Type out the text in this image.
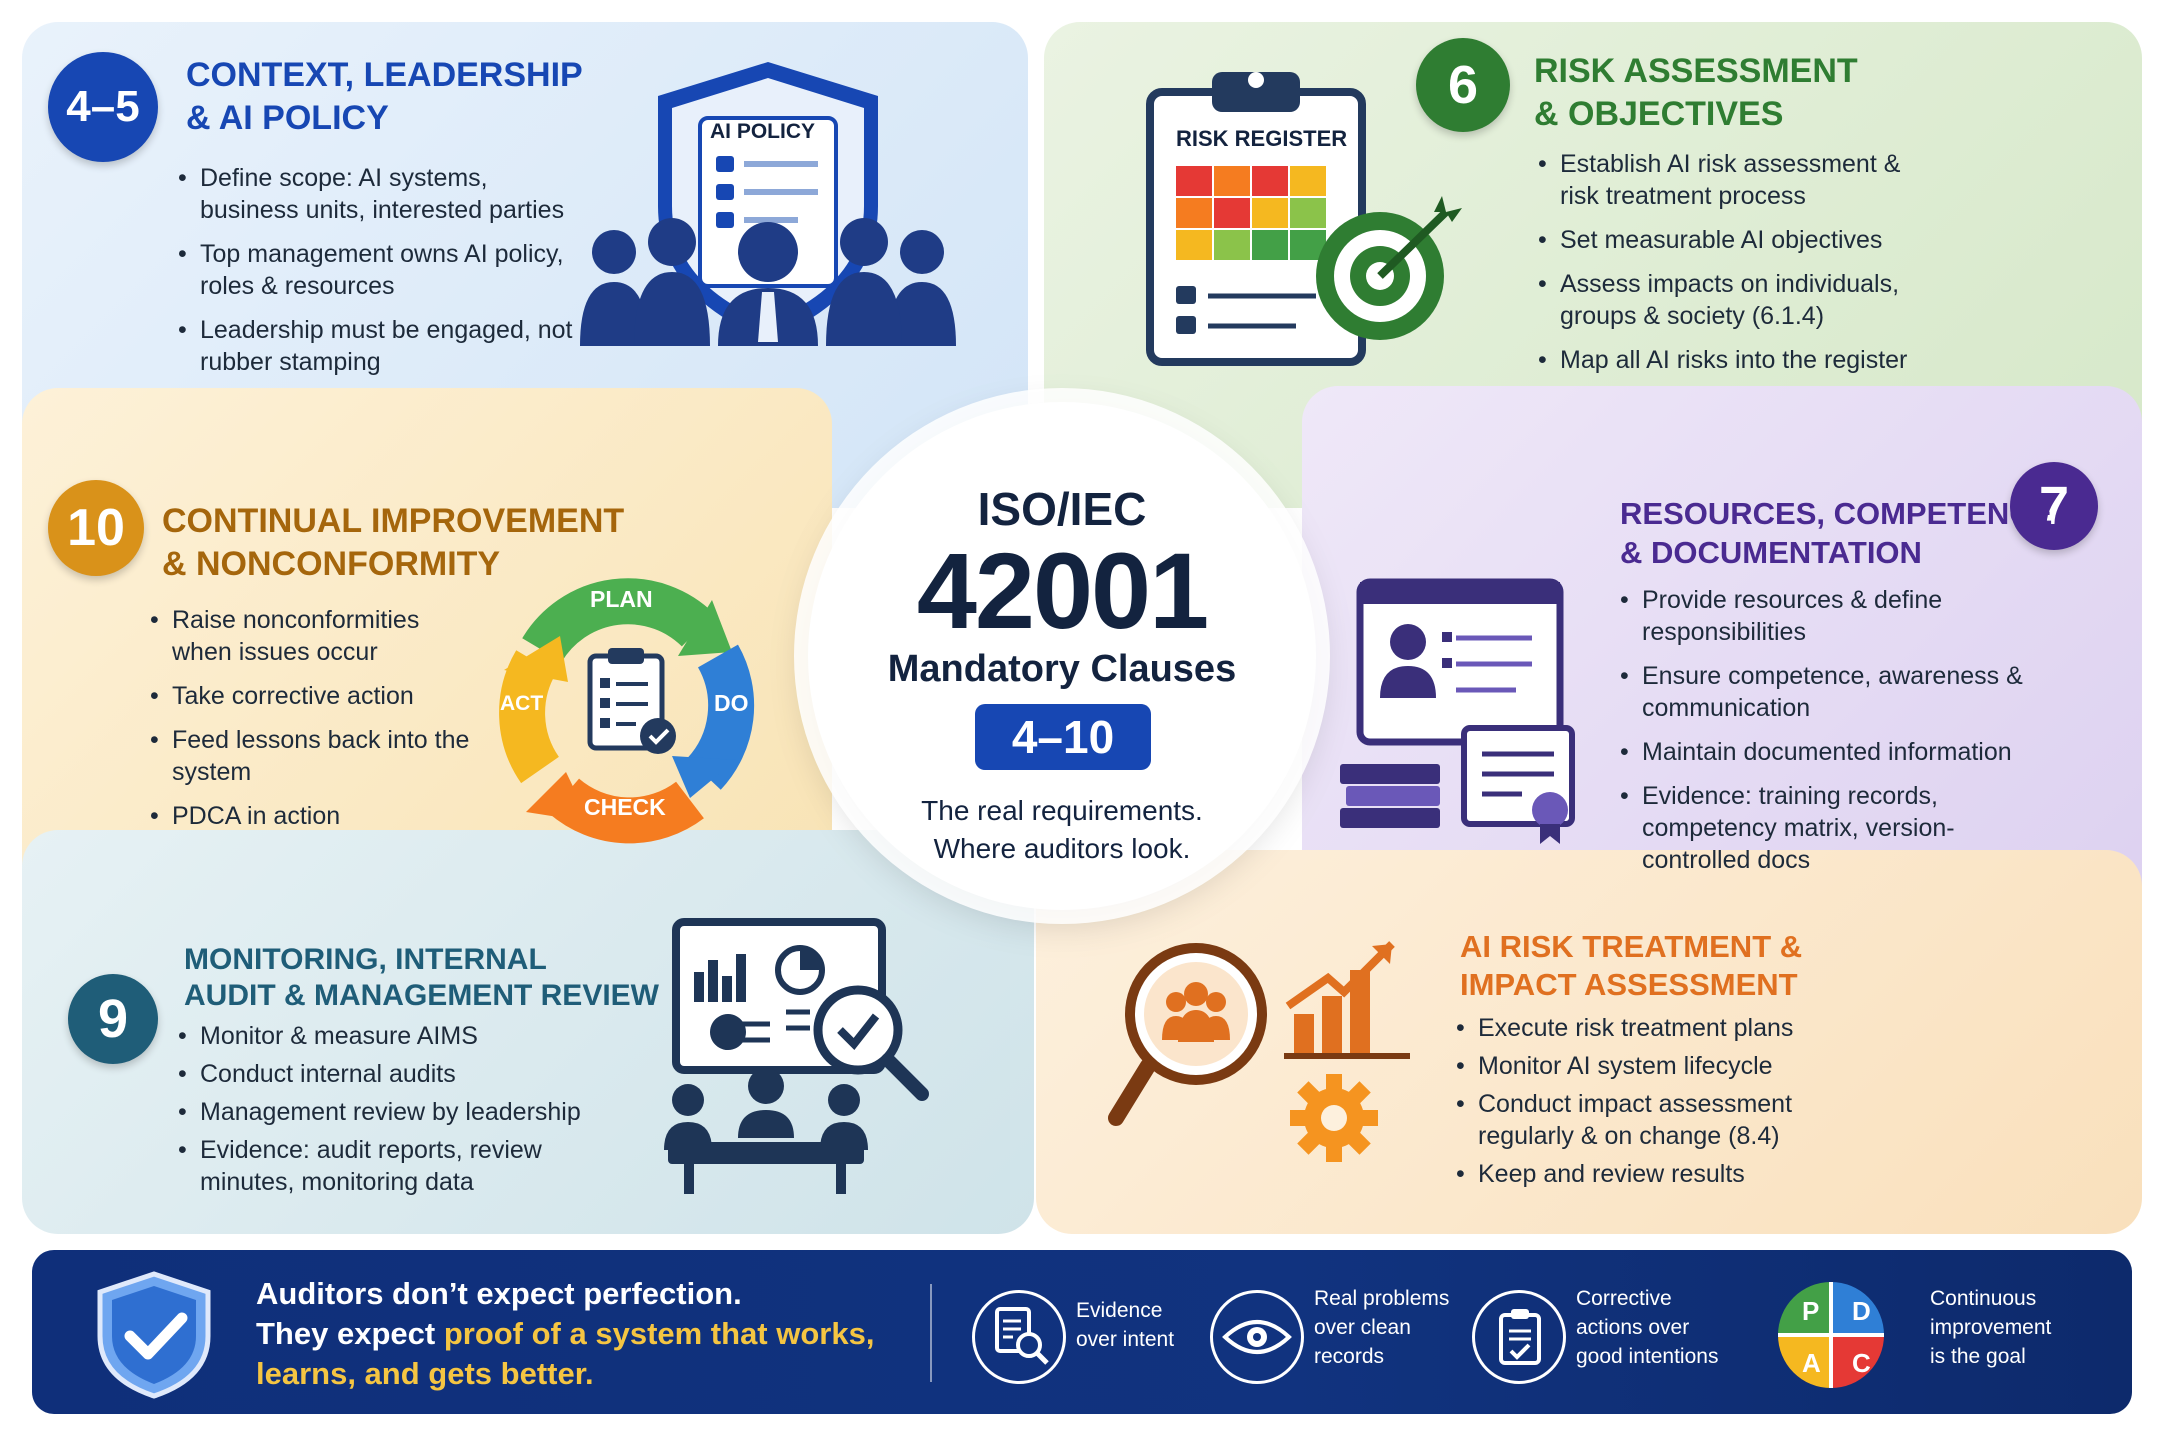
4–5
CONTEXT, LEADERSHIP
& AI POLICY
• Define scope: AI systems, business units, interested parties
• Top management owns AI policy, roles & resources
• Leadership must be engaged, not rubber stamping
AI POLICY
6	RISK ASSESSMENT
& OBJECTIVES
• Establish AI risk assessment & risk treatment process
• Set measurable AI objectives
• Assess impacts on individuals, groups & society (6.1.4)
• Map all AI risks into the register
RISK REGISTER
10	CONTINUAL IMPROVEMENT
& NONCONFORMITY
• Raise nonconformities when issues occur
• Take corrective action
• Feed lessons back into the system
• PDCA in action
PLAN
DO
CHECK
ACT
7
RESOURCES, COMPETENCE
& DOCUMENTATION
• Provide resources & define responsibilities
• Ensure competence, awareness & communication
• Maintain documented information
• Evidence: training records, competency matrix, version-controlled docs
9
MONITORING, INTERNAL
AUDIT & MANAGEMENT REVIEW
• Monitor & measure AIMS
• Conduct internal audits
• Management review by leadership
• Evidence: audit reports, review minutes, monitoring data
AI RISK TREATMENT &
IMPACT ASSESSMENT
• Execute risk treatment plans
• Monitor AI system lifecycle
• Conduct impact assessment regularly & on change (8.4)
• Keep and review results
ISO/IEC
42001
Mandatory Clauses
4–10
The real requirements.
Where auditors look.
Auditors don’t expect perfection.
They expect proof of a system that works,
learns, and gets better.
Evidence
over intent
Real problems
over clean
records
Corrective
actions over
good intentions
P D
A C
Continuous
improvement
is the goal
